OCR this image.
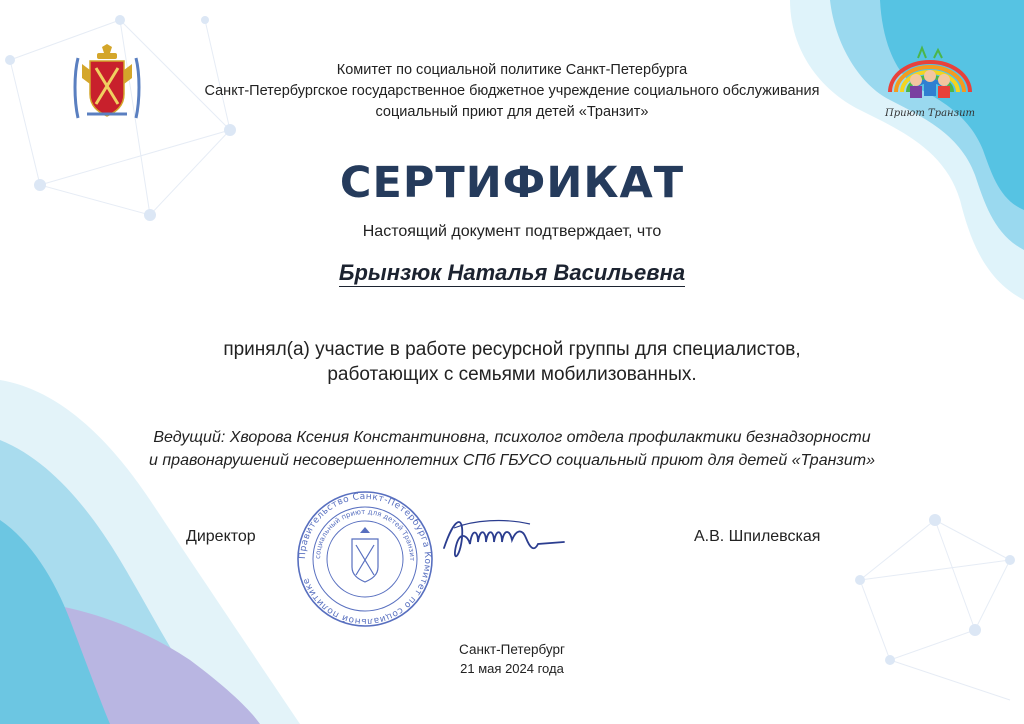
Приют Транзит
Комитет по социальной политике Санкт-Петербурга
Санкт-Петербургское государственное бюджетное учреждение социального обслуживания
социальный приют для детей «Транзит»
СЕРТИФИКАТ
Настоящий документ подтверждает, что
Брынзюк Наталья Васильевна
принял(а) участие в работе ресурсной группы для специалистов,
работающих с семьями мобилизованных.
Ведущий: Хворова Ксения Константиновна, психолог отдела профилактики безнадзорности
и правонарушений несовершеннолетних СПб ГБУСО социальный приют для детей «Транзит»
Директор	А.В. Шпилевская
Правительство Санкт-Петербурга Комитет по социальной политике
социальный приют для детей Транзит
Санкт-Петербург
21 мая 2024 года
